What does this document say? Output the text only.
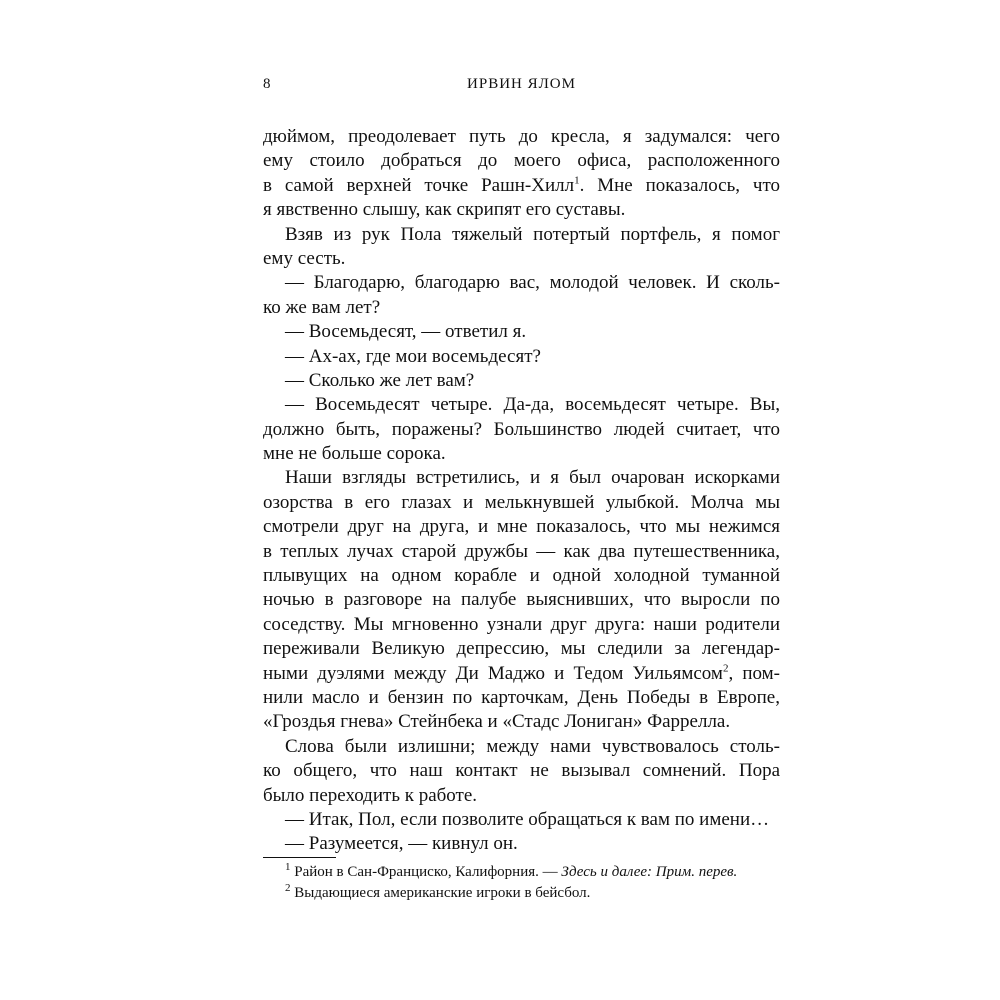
8	ИРВИН ЯЛОМ
дюймом, преодолевает путь до кресла, я задумался: чего
ему стоило добраться до моего офиса, расположенного
в самой верхней точке Рашн-Хилл$^1$. Мне показалось, что
я явственно слышу, как скрипят его суставы.
Взяв из рук Пола тяжелый потертый портфель, я помог
ему сесть.
— Благодарю, благодарю вас, молодой человек. И сколь-
ко же вам лет?
— Восемьдесят, — ответил я.
— Ах-ах, где мои восемьдесят?
— Сколько же лет вам?
— Восемьдесят четыре. Да-да, восемьдесят четыре. Вы,
должно быть, поражены? Большинство людей считает, что
мне не больше сорока.
Наши взгляды встретились, и я был очарован искорками
озорства в его глазах и мелькнувшей улыбкой. Молча мы
смотрели друг на друга, и мне показалось, что мы нежимся
в теплых лучах старой дружбы — как два путешественника,
плывущих на одном корабле и одной холодной туманной
ночью в разговоре на палубе выяснивших, что выросли по
соседству. Мы мгновенно узнали друг друга: наши родители
переживали Великую депрессию, мы следили за легендар-
ными дуэлями между Ди Маджо и Тедом Уильямсом$^2$, пом-
нили масло и бензин по карточкам, День Победы в Европе,
«Гроздья гнева» Стейнбека и «Стадс Лониган» Фаррелла.
Слова были излишни; между нами чувствовалось столь-
ко общего, что наш контакт не вызывал сомнений. Пора
было переходить к работе.
— Итак, Пол, если позволите обращаться к вам по имени…
— Разумеется, — кивнул он.
$^1$ Район в Сан-Франциско, Калифорния. — Здесь и далее: Прим. перев.
$^2$ Выдающиеся американские игроки в бейсбол.
